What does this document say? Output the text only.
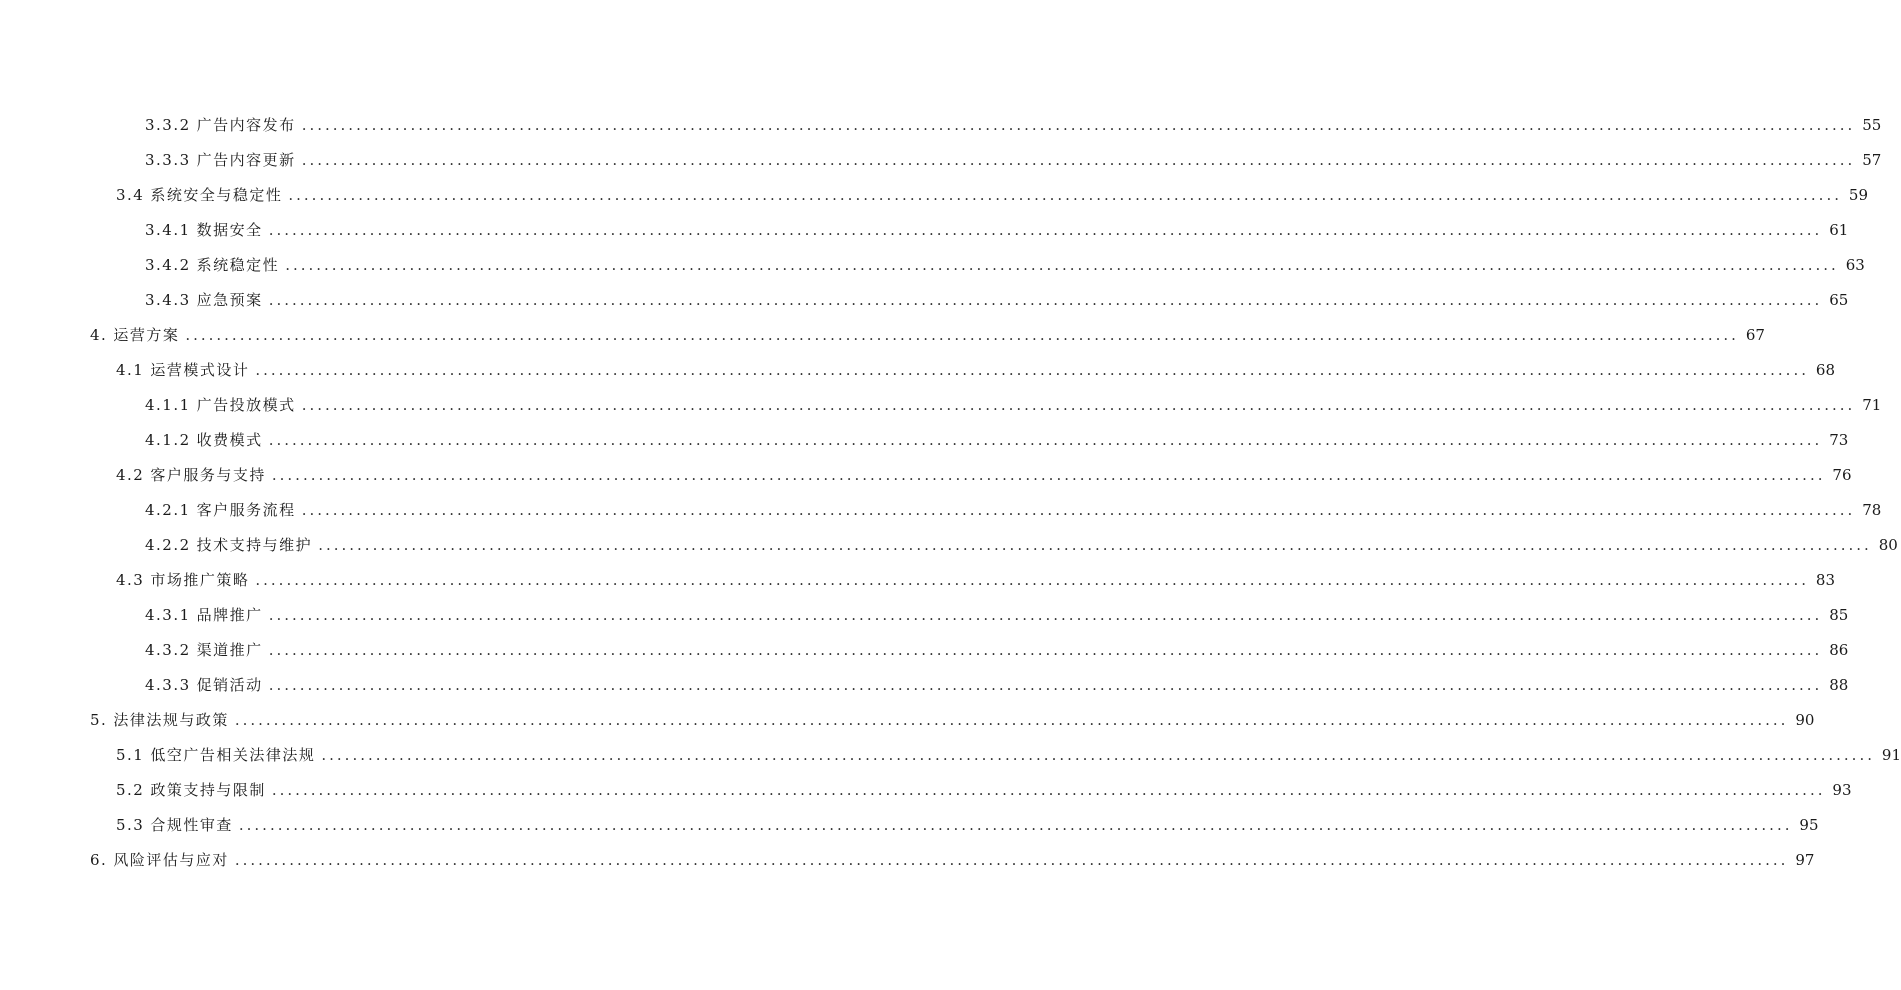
3.3.2 广告内容发布 ........................................................................................................................................................................................................ 55
3.3.3 广告内容更新 ........................................................................................................................................................................................................ 57
3.4 系统安全与稳定性 ........................................................................................................................................................................................................ 59
3.4.1 数据安全 ........................................................................................................................................................................................................ 61
3.4.2 系统稳定性 ........................................................................................................................................................................................................ 63
3.4.3 应急预案 ........................................................................................................................................................................................................ 65
4. 运营方案 ........................................................................................................................................................................................................ 67
4.1 运营模式设计 ........................................................................................................................................................................................................ 68
4.1.1 广告投放模式 ........................................................................................................................................................................................................ 71
4.1.2 收费模式 ........................................................................................................................................................................................................ 73
4.2 客户服务与支持 ........................................................................................................................................................................................................ 76
4.2.1 客户服务流程 ........................................................................................................................................................................................................ 78
4.2.2 技术支持与维护 ........................................................................................................................................................................................................ 80
4.3 市场推广策略 ........................................................................................................................................................................................................ 83
4.3.1 品牌推广 ........................................................................................................................................................................................................ 85
4.3.2 渠道推广 ........................................................................................................................................................................................................ 86
4.3.3 促销活动 ........................................................................................................................................................................................................ 88
5. 法律法规与政策 ........................................................................................................................................................................................................ 90
5.1 低空广告相关法律法规 ........................................................................................................................................................................................................ 91
5.2 政策支持与限制 ........................................................................................................................................................................................................ 93
5.3 合规性审查 ........................................................................................................................................................................................................ 95
6. 风险评估与应对 ........................................................................................................................................................................................................ 97
